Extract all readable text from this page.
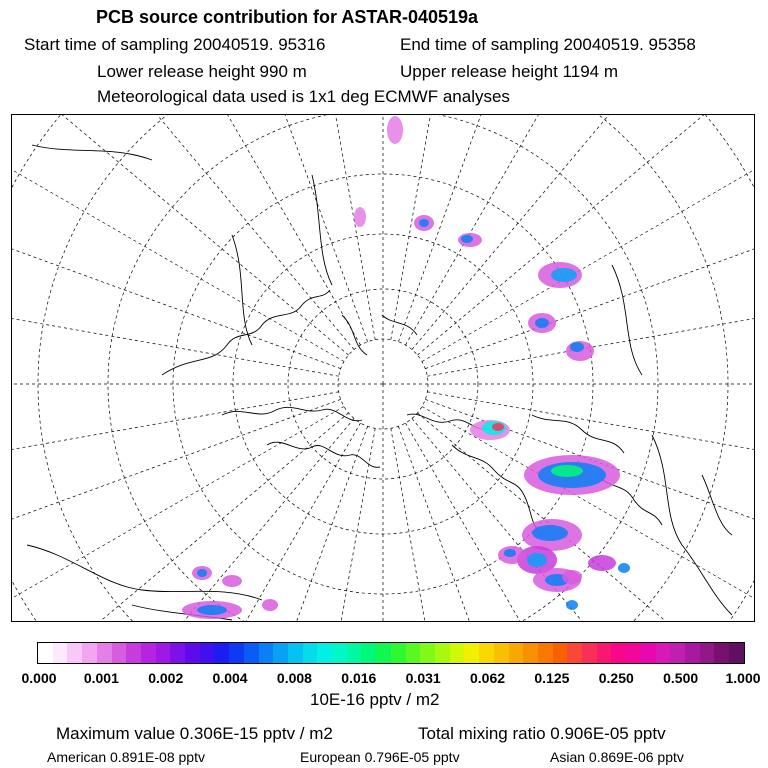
PCB source contribution for ASTAR-040519a
Start time of sampling 20040519. 95316	End time of sampling 20040519. 95358
Lower release height 990 m	Upper release height 1194 m
Meteorological data used is 1x1 deg ECMWF analyses
0.000 0.001 0.002 0.004 0.008 0.016 0.031 0.062 0.125 0.250 0.500 1.000
10E-16 pptv / m2
Maximum value 0.306E-15 pptv / m2	Total mixing ratio 0.906E-05 pptv
American 0.891E-08 pptv	European 0.796E-05 pptv	Asian 0.869E-06 pptv
